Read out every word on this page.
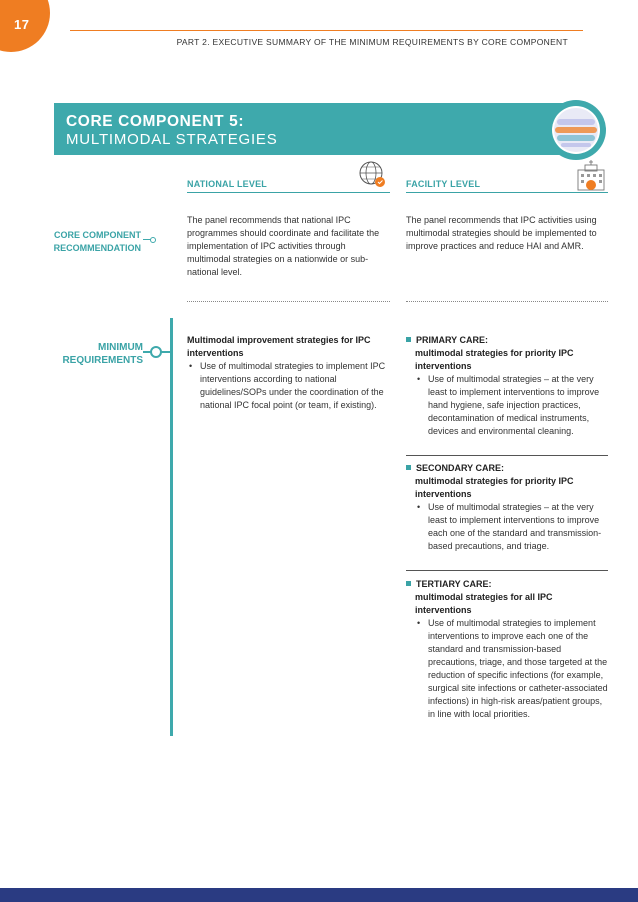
17
PART 2. EXECUTIVE SUMMARY OF THE MINIMUM REQUIREMENTS BY CORE COMPONENT
CORE COMPONENT 5:
MULTIMODAL STRATEGIES
NATIONAL LEVEL	FACILITY LEVEL
CORE COMPONENT
RECOMMENDATION
The panel recommends that national IPC programmes should coordinate and facilitate the implementation of IPC activities through multimodal strategies on a nationwide or sub-national level.
The panel recommends that IPC activities using multimodal strategies should be implemented to improve practices and reduce HAI and AMR.
MINIMUM
REQUIREMENTS
Multimodal improvement strategies for IPC interventions
• Use of multimodal strategies to implement IPC interventions according to national guidelines/SOPs under the coordination of the national IPC focal point (or team, if existing).
PRIMARY CARE:
multimodal strategies for priority IPC interventions
• Use of multimodal strategies – at the very least to implement interventions to improve hand hygiene, safe injection practices, decontamination of medical instruments, devices and environmental cleaning.
SECONDARY CARE:
multimodal strategies for priority IPC interventions
• Use of multimodal strategies – at the very least to implement interventions to improve each one of the standard and transmission-based precautions, and triage.
TERTIARY CARE:
multimodal strategies for all IPC interventions
• Use of multimodal strategies to implement interventions to improve each one of the standard and transmission-based precautions, triage, and those targeted at the reduction of specific infections (for example, surgical site infections or catheter-associated infections) in high-risk areas/patient groups, in line with local priorities.
